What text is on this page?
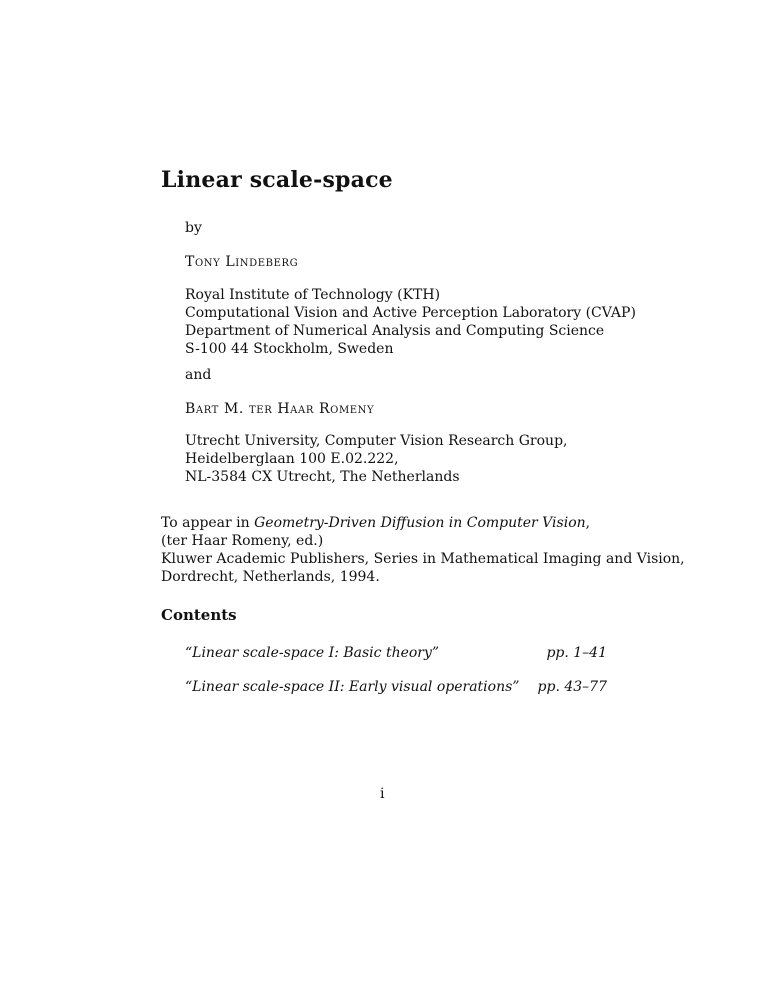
Linear scale-space
by
Tony Lindeberg
Royal Institute of Technology (KTH)
Computational Vision and Active Perception Laboratory (CVAP)
Department of Numerical Analysis and Computing Science
S-100 44 Stockholm, Sweden
and
Bart M. ter Haar Romeny
Utrecht University, Computer Vision Research Group,
Heidelberglaan 100 E.02.222,
NL-3584 CX Utrecht, The Netherlands
To appear in Geometry-Driven Diffusion in Computer Vision,
(ter Haar Romeny, ed.)
Kluwer Academic Publishers, Series in Mathematical Imaging and Vision,
Dordrecht, Netherlands, 1994.
Contents
“Linear scale-space I: Basic theory”	pp. 1–41
“Linear scale-space II: Early visual operations” pp. 43–77
i
